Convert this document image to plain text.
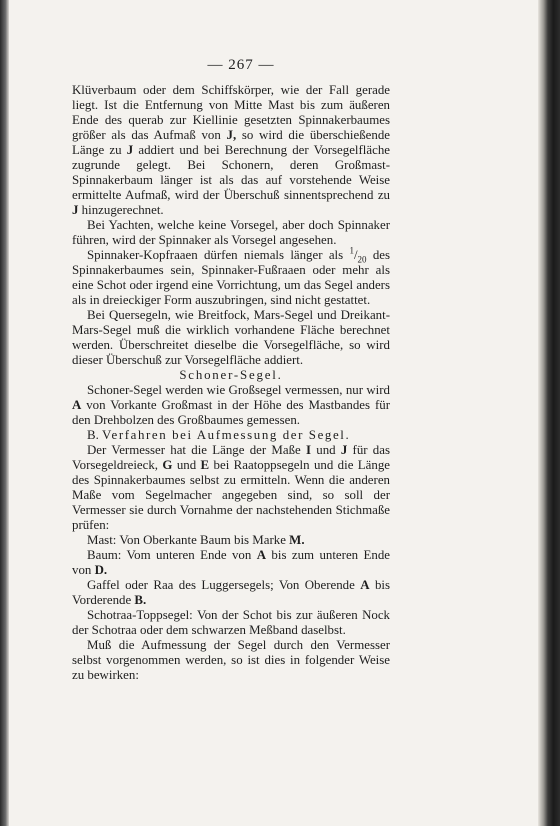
— 267 —

Klüverbaum oder dem Schiffskörper, wie der Fall gerade liegt. Ist die Entfernung von Mitte Mast bis zum äußeren Ende des querab zur Kiellinie gesetzten Spinnakerbaumes größer als das Aufmaß von J, so wird die überschießende Länge zu J addiert und bei Berechnung der Vorsegelfläche zugrunde gelegt. Bei Schonern, deren Großmast-Spinnakerbaum länger ist als das auf vorstehende Weise ermittelte Aufmaß, wird der Überschuß sinnentsprechend zu J hinzugerechnet.

Bei Yachten, welche keine Vorsegel, aber doch Spinnaker führen, wird der Spinnaker als Vorsegel angesehen.

Spinnaker-Kopfraaen dürfen niemals länger als $^1/_{20}$ des Spinnakerbaumes sein, Spinnaker-Fußraaen oder mehr als eine Schot oder irgend eine Vorrichtung, um das Segel anders als in dreieckiger Form auszubringen, sind nicht gestattet.

Bei Quersegeln, wie Breitfock, Mars-Segel und Dreikant-Mars-Segel muß die wirklich vorhandene Fläche berechnet werden. Überschreitet dieselbe die Vorsegelfläche, so wird dieser Überschuß zur Vorsegelfläche addiert.

Schoner-Segel.

Schoner-Segel werden wie Großsegel vermessen, nur wird A von Vorkante Großmast in der Höhe des Mastbandes für den Drehbolzen des Großbaumes gemessen.

B. Verfahren bei Aufmessung der Segel.

Der Vermesser hat die Länge der Maße I und J für das Vorsegeldreieck, G und E bei Raatoppsegeln und die Länge des Spinnakerbaumes selbst zu ermitteln. Wenn die anderen Maße vom Segelmacher angegeben sind, so soll der Vermesser sie durch Vornahme der nachstehenden Stichmaße prüfen:

Mast: Von Oberkante Baum bis Marke M.

Baum: Vom unteren Ende von A bis zum unteren Ende von D.

Gaffel oder Raa des Luggersegels; Von Oberende A bis Vorderende B.

Schotraa-Toppsegel: Von der Schot bis zur äußeren Nock der Schotraa oder dem schwarzen Meßband daselbst.

Muß die Aufmessung der Segel durch den Vermesser selbst vorgenommen werden, so ist dies in folgender Weise zu bewirken:
